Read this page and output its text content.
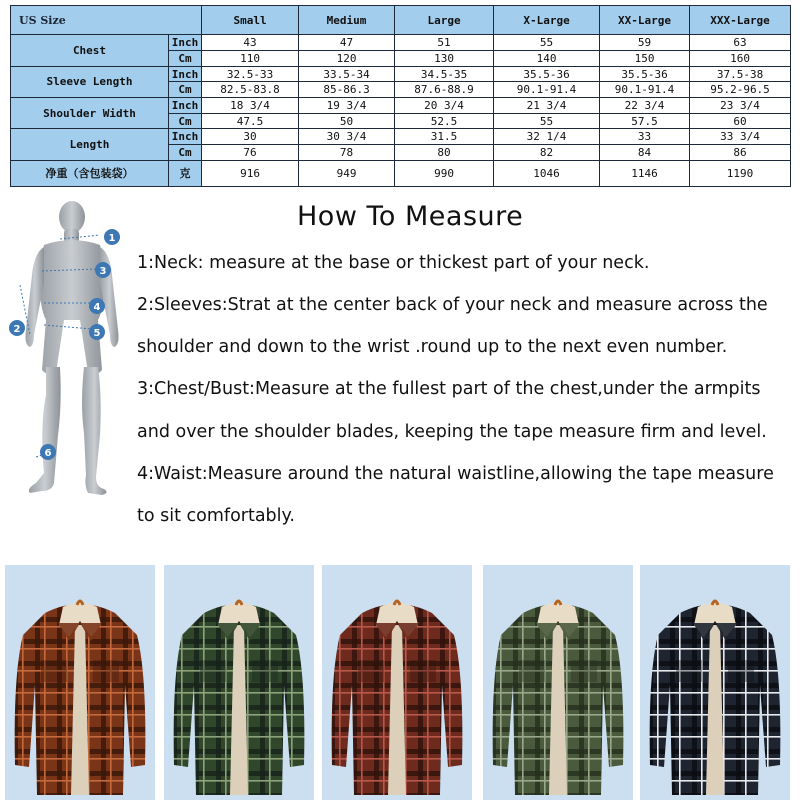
US Size		Small	Medium	Large	X-Large	XX-Large	XXX-Large
Chest	Inch	43	47	51	55	59	63
	Cm	110	120	130	140	150	160
Sleeve Length	Inch	32.5-33	33.5-34	34.5-35	35.5-36	35.5-36	37.5-38
	Cm	82.5-83.8	85-86.3	87.6-88.9	90.1-91.4	90.1-91.4	95.2-96.5
Shoulder Width	Inch	18 3/4	19 3/4	20 3/4	21 3/4	22 3/4	23 3/4
	Cm	47.5	50	52.5	55	57.5	60
Length	Inch	30	30 3/4	31.5	32 1/4	33	33 3/4
	Cm	76	78	80	82	84	86
净重（含包装袋）	克	916	949	990	1046	1146	1190
1
2
3
4
5
6
How To Measure
1:Neck: measure at the base or thickest part of your neck.
2:Sleeves:Strat at the center back of your neck and measure across the
shoulder and down to the wrist .round up to the next even number.
3:Chest/Bust:Measure at the fullest part of the chest,under the armpits
and over the shoulder blades, keeping the tape measure firm and level.
4:Waist:Measure around the natural waistline,allowing the tape measure
to sit comfortably.
